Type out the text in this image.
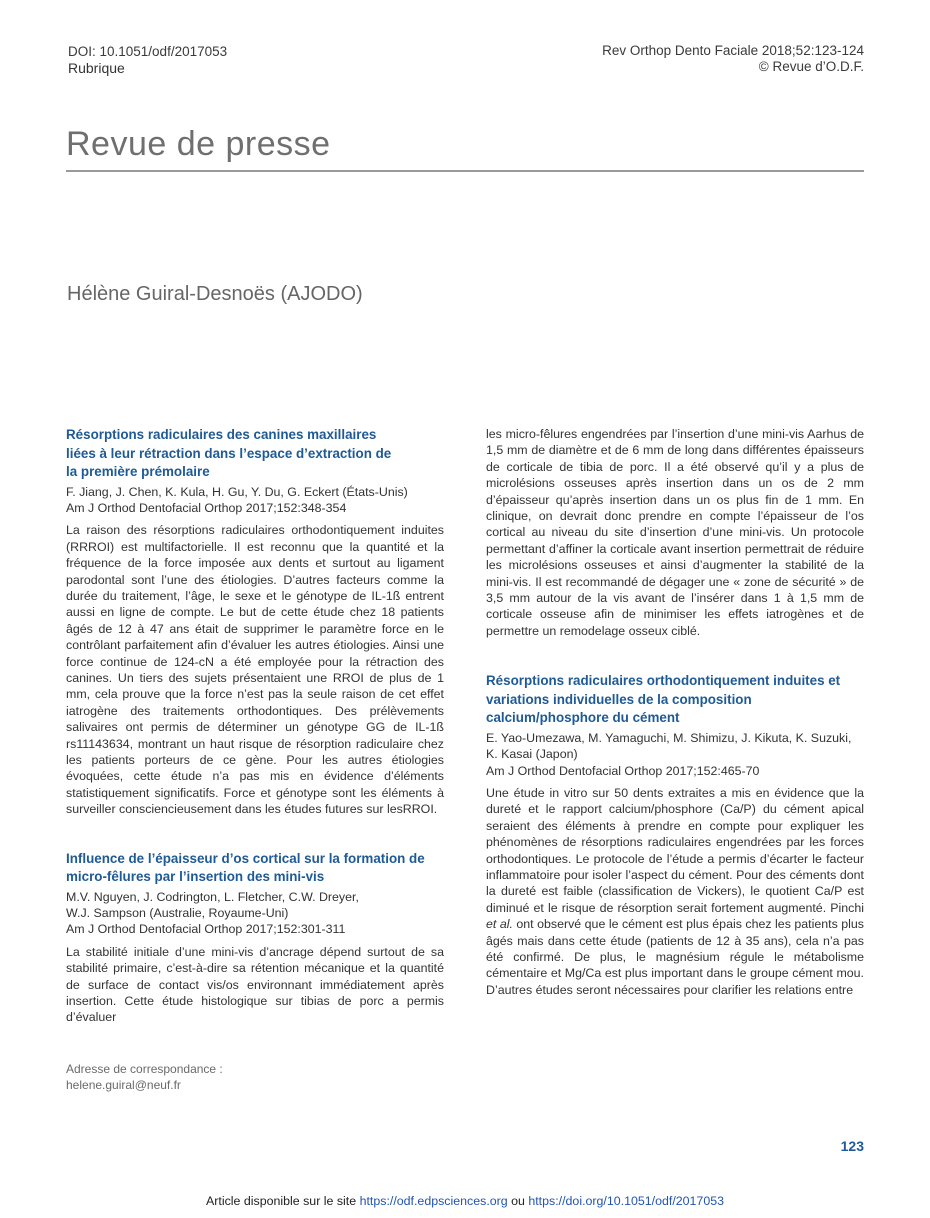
DOI: 10.1051/odf/2017053
Rubrique
Rev Orthop Dento Faciale 2018;52:123-124
© Revue d’O.D.F.
Revue de presse
Hélène Guiral-Desnoës (AJODO)

Résorptions radiculaires des canines maxillaires liées à leur rétraction dans l’espace d’extraction de la première prémolaire

F. Jiang, J. Chen, K. Kula, H. Gu, Y. Du, G. Eckert (États-Unis)

Am J Orthod Dentofacial Orthop 2017;152:348-354

La raison des résorptions radiculaires orthodontiquement induites (RRROI) est multifactorielle. Il est reconnu que la quantité et la fréquence de la force imposée aux dents et surtout au ligament parodontal sont l’une des étiologies. D’autres facteurs comme la durée du traitement, l’âge, le sexe et le génotype de IL-1ß entrent aussi en ligne de compte. Le but de cette étude chez 18 patients âgés de 12 à 47 ans était de supprimer le paramètre force en le contrôlant parfaitement afin d’évaluer les autres étiologies. Ainsi une force continue de 124-cN a été employée pour la rétraction des canines. Un tiers des sujets présentaient une RROI de plus de 1 mm, cela prouve que la force n’est pas la seule raison de cet effet iatrogène des traitements orthodontiques. Des prélèvements salivaires ont permis de déterminer un génotype GG de IL-1ß rs11143634, montrant un haut risque de résorption radiculaire chez les patients porteurs de ce gène. Pour les autres étiologies évoquées, cette étude n’a pas mis en évidence d’éléments statistiquement significatifs. Force et génotype sont les éléments à surveiller consciencieusement dans les études futures sur lesRROI.

Influence de l’épaisseur d’os cortical sur la formation de micro-fêlures par l’insertion des mini-vis

M.V. Nguyen, J. Codrington, L. Fletcher, C.W. Dreyer, W.J. Sampson (Australie, Royaume-Uni)

Am J Orthod Dentofacial Orthop 2017;152:301-311

La stabilité initiale d’une mini-vis d’ancrage dépend surtout de sa stabilité primaire, c’est-à-dire sa rétention mécanique et la quantité de surface de contact vis/os environnant immédiatement après insertion. Cette étude histologique sur tibias de porc a permis d’évaluer

les micro-fêlures engendrées par l’insertion d’une mini-vis Aarhus de 1,5 mm de diamètre et de 6 mm de long dans différentes épaisseurs de corticale de tibia de porc. Il a été observé qu’il y a plus de microlésions osseuses après insertion dans un os de 2 mm d’épaisseur qu’après insertion dans un os plus fin de 1 mm. En clinique, on devrait donc prendre en compte l’épaisseur de l’os cortical au niveau du site d’insertion d’une mini-vis. Un protocole permettant d’affiner la corticale avant insertion permettrait de réduire les microlésions osseuses et ainsi d’augmenter la stabilité de la mini-vis. Il est recommandé de dégager une « zone de sécurité » de 3,5 mm autour de la vis avant de l’insérer dans 1 à 1,5 mm de corticale osseuse afin de minimiser les effets iatrogènes et de permettre un remodelage osseux ciblé.

Résorptions radiculaires orthodontiquement induites et variations individuelles de la composition calcium/phosphore du cément

E. Yao-Umezawa, M. Yamaguchi, M. Shimizu, J. Kikuta, K. Suzuki, K. Kasai (Japon)

Am J Orthod Dentofacial Orthop 2017;152:465-70

Une étude in vitro sur 50 dents extraites a mis en évidence que la dureté et le rapport calcium/phosphore (Ca/P) du cément apical seraient des éléments à prendre en compte pour expliquer les phénomènes de résorptions radiculaires engendrées par les forces orthodontiques. Le protocole de l’étude a permis d’écarter le facteur inflammatoire pour isoler l’aspect du cément. Pour des céments dont la dureté est faible (classification de Vickers), le quotient Ca/P est diminué et le risque de résorption serait fortement augmenté. Pinchi et al. ont observé que le cément est plus épais chez les patients plus âgés mais dans cette étude (patients de 12 à 35 ans), cela n’a pas été confirmé. De plus, le magnésium régule le métabolisme cémentaire et Mg/Ca est plus important dans le groupe cément mou. D’autres études seront nécessaires pour clarifier les relations entre

Adresse de correspondance :
helene.guiral@neuf.fr
123
Article disponible sur le site https://odf.edpsciences.org ou https://doi.org/10.1051/odf/2017053
